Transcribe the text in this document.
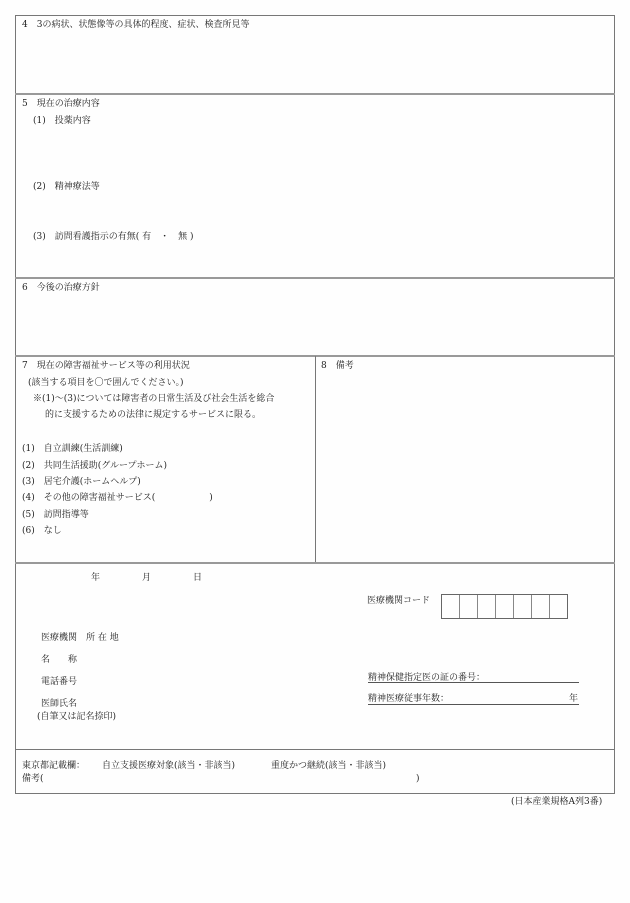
4　3の病状、状態像等の具体的程度、症状、検査所見等
5　現在の治療内容
(1)　投薬内容
(2)　精神療法等
(3)　訪問看護指示の有無( 有　・　無 )
6　今後の治療方針
7　現在の障害福祉サービス等の利用状況
(該当する項目を〇で囲んでください。)
※(1)～(3)については障害者の日常生活及び社会生活を総合
的に支援するための法律に規定するサービスに限る。
(1)　自立訓練(生活訓練)
(2)　共同生活援助(グループホーム)
(3)　居宅介護(ホームヘルプ)
(4)　その他の障害福祉サービス(　　　　　　)
(5)　訪問指導等
(6)　なし
8　備考
年	月	日
医療機関コード
医療機関　所 在 地
名　　称
電話番号
医師氏名
(自筆又は記名捺印)
精神保健指定医の証の番号：
精神医療従事年数：	年
東京都記載欄： 自立支援医療対象(該当・非該当)	重度かつ継続(該当・非該当)
備考(	)
(日本産業規格A列3番)
